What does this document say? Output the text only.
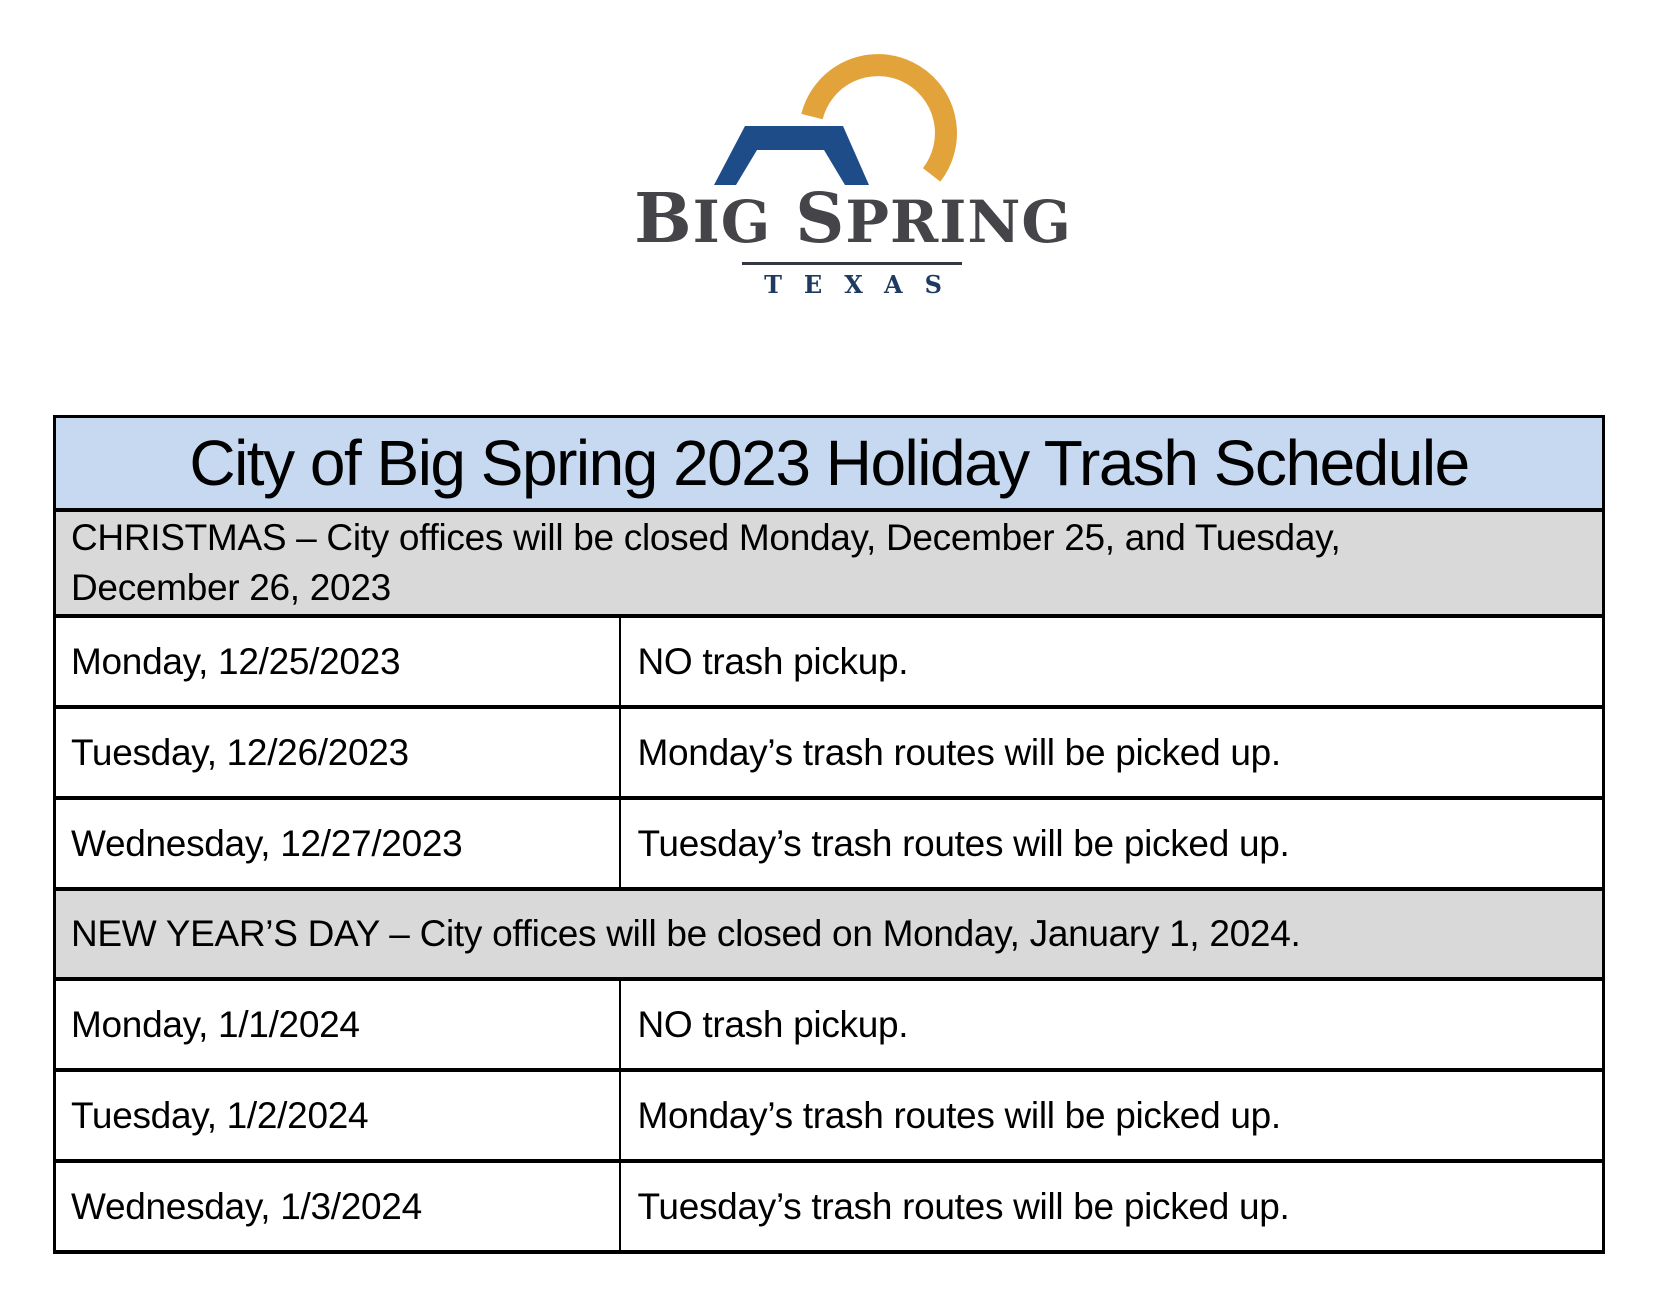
BIG SPRING
TEXAS
City of Big Spring 2023 Holiday Trash Schedule	
CHRISTMAS – City offices will be closed Monday, December 25, and Tuesday, December 26, 2023	
Monday, 12/25/2023	NO trash pickup.
Tuesday, 12/26/2023	Monday’s trash routes will be picked up.
Wednesday, 12/27/2023	Tuesday’s trash routes will be picked up.
NEW YEAR’S DAY – City offices will be closed on Monday, January 1, 2024.	
Monday, 1/1/2024	NO trash pickup.
Tuesday, 1/2/2024	Monday’s trash routes will be picked up.
Wednesday, 1/3/2024	Tuesday’s trash routes will be picked up.
